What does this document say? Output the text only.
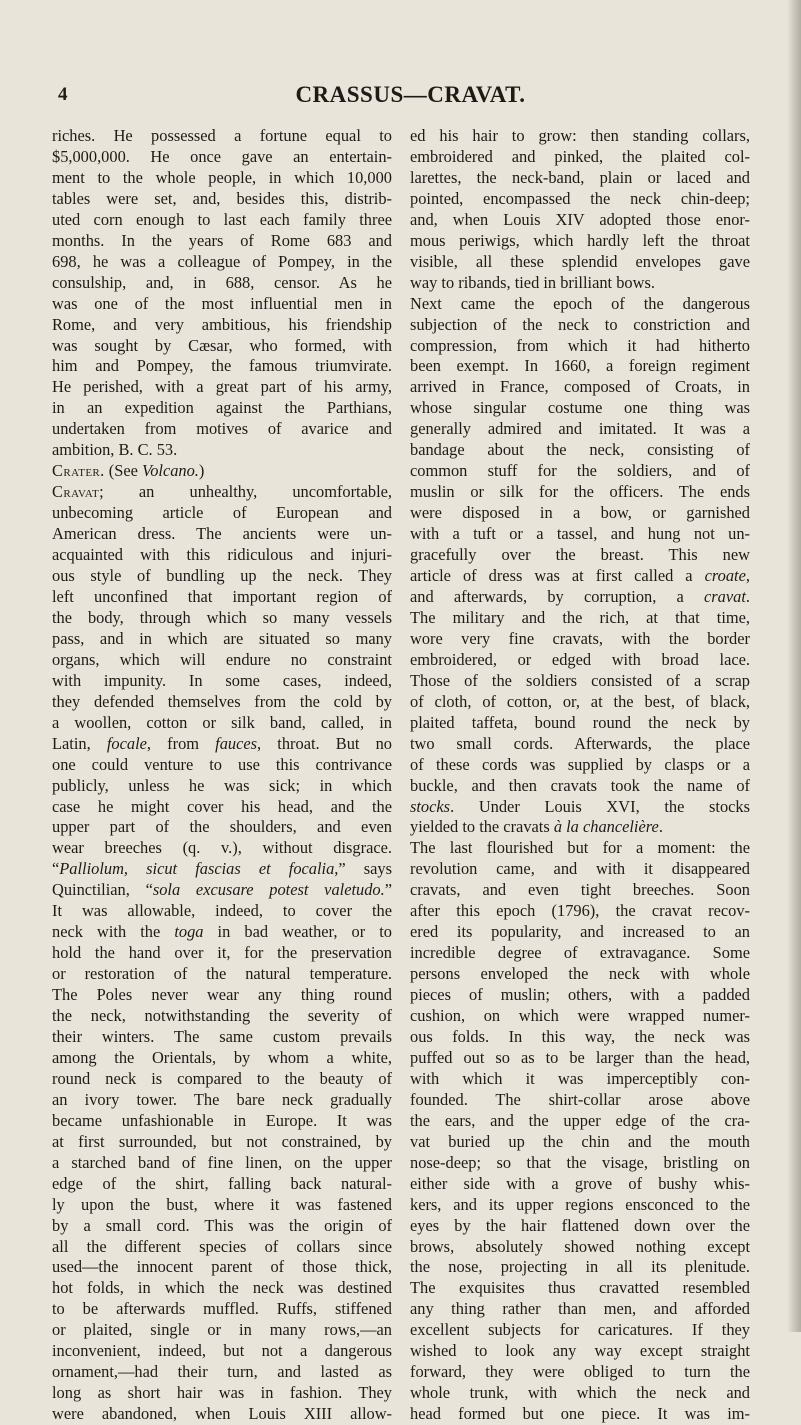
4	CRASSUS—CRAVAT.
riches. He possessed a fortune equal to
$5,000,000. He once gave an entertain-
ment to the whole people, in which 10,000
tables were set, and, besides this, distrib-
uted corn enough to last each family three
months. In the years of Rome 683 and
698, he was a colleague of Pompey, in the
consulship, and, in 688, censor. As he
was one of the most influential men in
Rome, and very ambitious, his friendship
was sought by Cæsar, who formed, with
him and Pompey, the famous triumvirate.
He perished, with a great part of his army,
in an expedition against the Parthians,
undertaken from motives of avarice and
ambition, B. C. 53.
Crater. (See Volcano.)
Cravat; an unhealthy, uncomfortable,
unbecoming article of European and
American dress. The ancients were un-
acquainted with this ridiculous and injuri-
ous style of bundling up the neck. They
left unconfined that important region of
the body, through which so many vessels
pass, and in which are situated so many
organs, which will endure no constraint
with impunity. In some cases, indeed,
they defended themselves from the cold by
a woollen, cotton or silk band, called, in
Latin, focale, from fauces, throat. But no
one could venture to use this contrivance
publicly, unless he was sick; in which
case he might cover his head, and the
upper part of the shoulders, and even
wear breeches (q. v.), without disgrace.
“Palliolum, sicut fascias et focalia,” says
Quinctilian, “sola excusare potest valetudo.”
It was allowable, indeed, to cover the
neck with the toga in bad weather, or to
hold the hand over it, for the preservation
or restoration of the natural temperature.
The Poles never wear any thing round
the neck, notwithstanding the severity of
their winters. The same custom prevails
among the Orientals, by whom a white,
round neck is compared to the beauty of
an ivory tower. The bare neck gradually
became unfashionable in Europe. It was
at first surrounded, but not constrained, by
a starched band of fine linen, on the upper
edge of the shirt, falling back natural-
ly upon the bust, where it was fastened
by a small cord. This was the origin of
all the different species of collars since
used—the innocent parent of those thick,
hot folds, in which the neck was destined
to be afterwards muffled. Ruffs, stiffened
or plaited, single or in many rows,—an
inconvenient, indeed, but not a dangerous
ornament,—had their turn, and lasted as
long as short hair was in fashion. They
were abandoned, when Louis XIII allow-
ed his hair to grow: then standing collars,
embroidered and pinked, the plaited col-
larettes, the neck-band, plain or laced and
pointed, encompassed the neck chin-deep;
and, when Louis XIV adopted those enor-
mous periwigs, which hardly left the throat
visible, all these splendid envelopes gave
way to ribands, tied in brilliant bows.
Next came the epoch of the dangerous
subjection of the neck to constriction and
compression, from which it had hitherto
been exempt. In 1660, a foreign regiment
arrived in France, composed of Croats, in
whose singular costume one thing was
generally admired and imitated. It was a
bandage about the neck, consisting of
common stuff for the soldiers, and of
muslin or silk for the officers. The ends
were disposed in a bow, or garnished
with a tuft or a tassel, and hung not un-
gracefully over the breast. This new
article of dress was at first called a croate,
and afterwards, by corruption, a cravat.
The military and the rich, at that time,
wore very fine cravats, with the border
embroidered, or edged with broad lace.
Those of the soldiers consisted of a scrap
of cloth, of cotton, or, at the best, of black,
plaited taffeta, bound round the neck by
two small cords. Afterwards, the place
of these cords was supplied by clasps or a
buckle, and then cravats took the name of
stocks. Under Louis XVI, the stocks
yielded to the cravats à la chancelière.
The last flourished but for a moment: the
revolution came, and with it disappeared
cravats, and even tight breeches. Soon
after this epoch (1796), the cravat recov-
ered its popularity, and increased to an
incredible degree of extravagance. Some
persons enveloped the neck with whole
pieces of muslin; others, with a padded
cushion, on which were wrapped numer-
ous folds. In this way, the neck was
puffed out so as to be larger than the head,
with which it was imperceptibly con-
founded. The shirt-collar arose above
the ears, and the upper edge of the cra-
vat buried up the chin and the mouth
nose-deep; so that the visage, bristling on
either side with a grove of bushy whis-
kers, and its upper regions ensconced to the
eyes by the hair flattened down over the
brows, absolutely showed nothing except
the nose, projecting in all its plenitude.
The exquisites thus cravatted resembled
any thing rather than men, and afforded
excellent subjects for caricatures. If they
wished to look any way except straight
forward, they were obliged to turn the
whole trunk, with which the neck and
head formed but one piece. It was im-
